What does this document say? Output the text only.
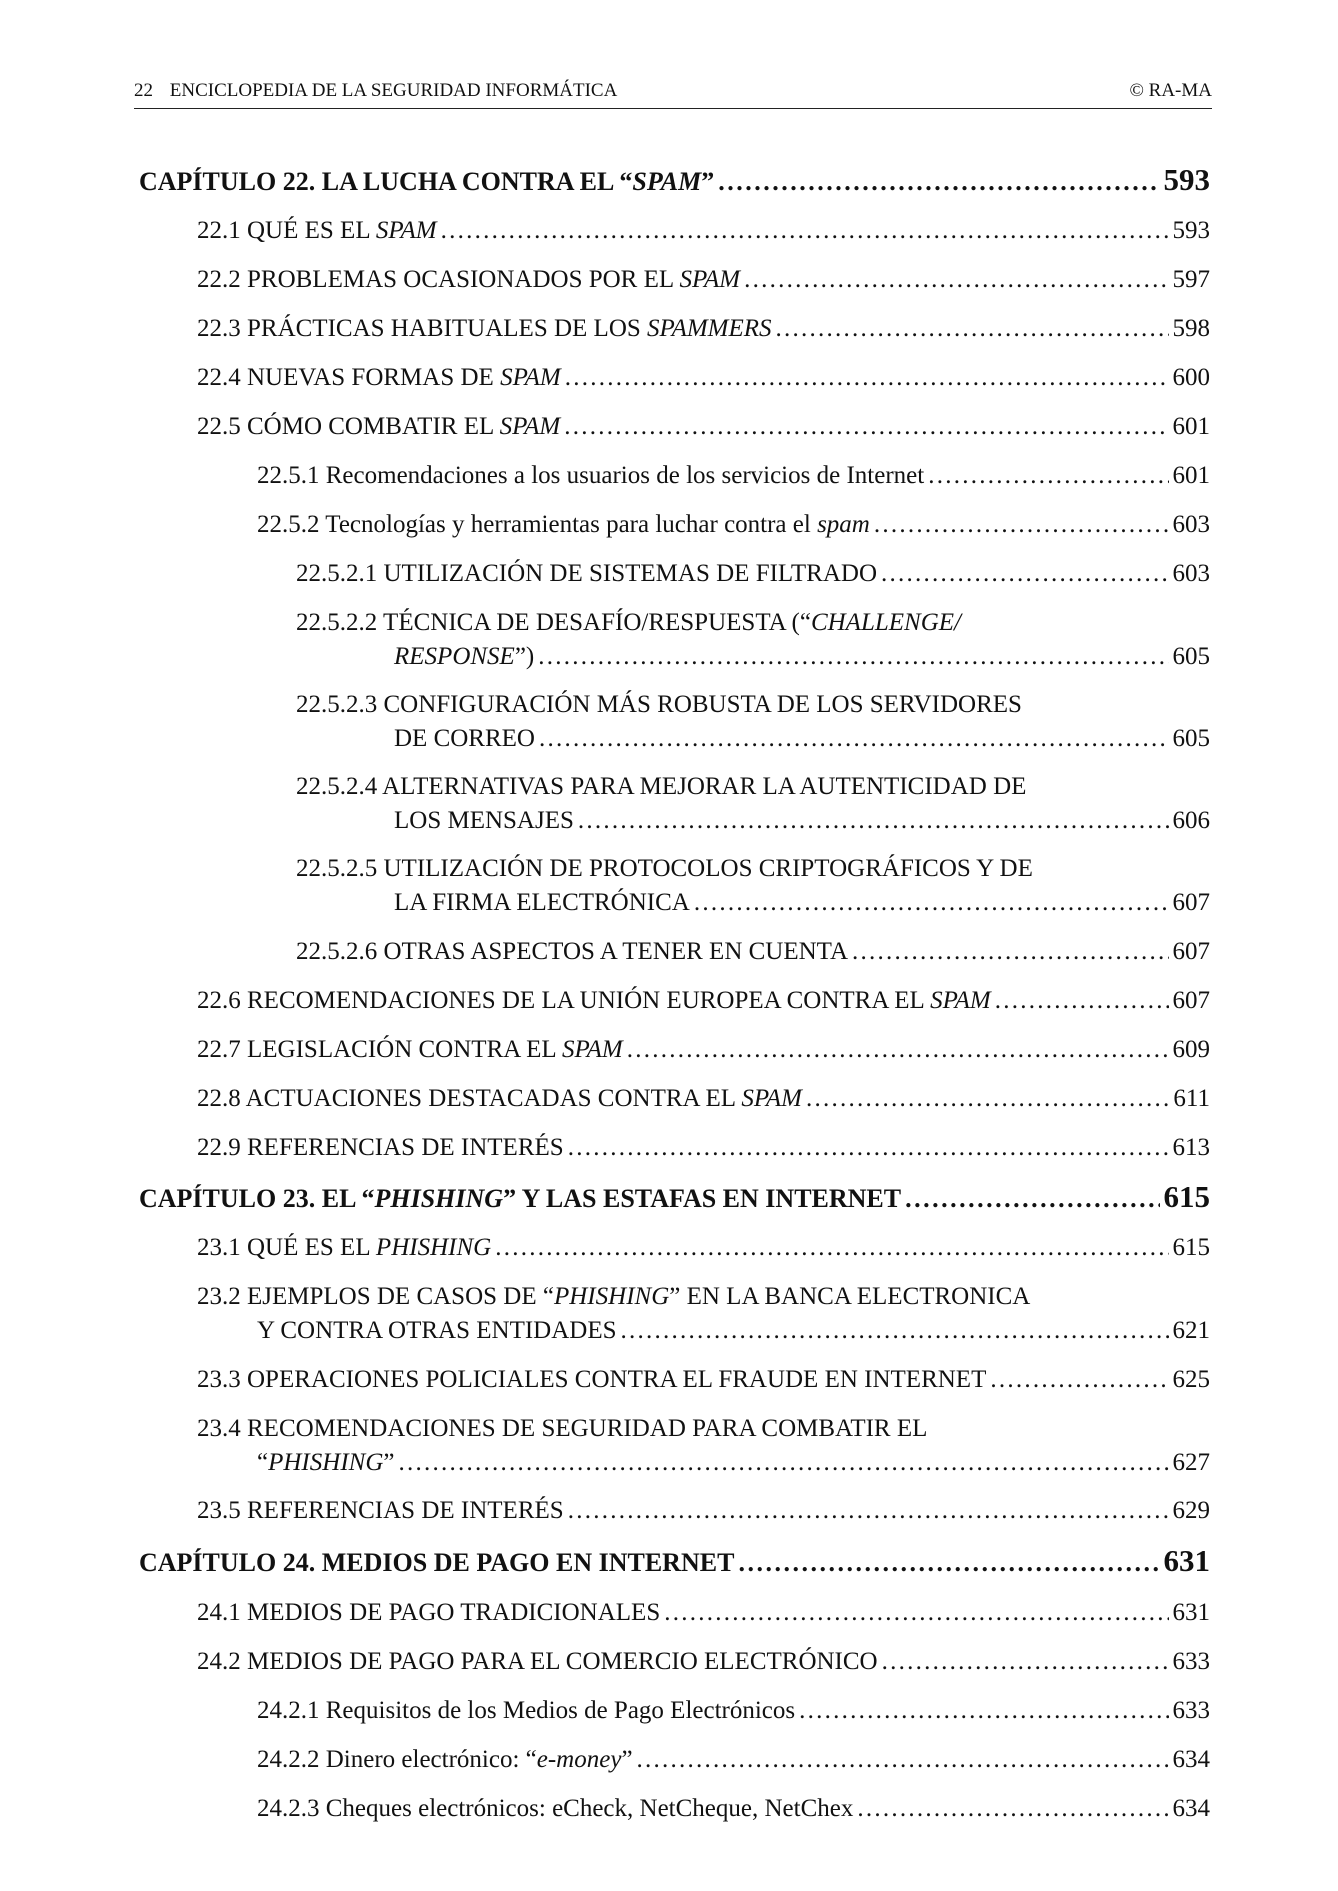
22 ENCICLOPEDIA DE LA SEGURIDAD INFORMÁTICA	© RA-MA
CAPÍTULO 22. LA LUCHA CONTRA EL “SPAM” . . .	593
22.1 QUÉ ES EL SPAM . . .	593
22.2 PROBLEMAS OCASIONADOS POR EL SPAM . . .	597
22.3 PRÁCTICAS HABITUALES DE LOS SPAMMERS . . .	598
22.4 NUEVAS FORMAS DE SPAM . . .	600
22.5 CÓMO COMBATIR EL SPAM . . .	601
22.5.1 Recomendaciones a los usuarios de los servicios de Internet . . .	601
22.5.2 Tecnologías y herramientas para luchar contra el spam . . .	603
22.5.2.1 UTILIZACIÓN DE SISTEMAS DE FILTRADO . . .	603
22.5.2.2 TÉCNICA DE DESAFÍO/RESPUESTA (“CHALLENGE/
RESPONSE”) . . .	605
22.5.2.3 CONFIGURACIÓN MÁS ROBUSTA DE LOS SERVIDORES
DE CORREO . . .	605
22.5.2.4 ALTERNATIVAS PARA MEJORAR LA AUTENTICIDAD DE
LOS MENSAJES . . .	606
22.5.2.5 UTILIZACIÓN DE PROTOCOLOS CRIPTOGRÁFICOS Y DE
LA FIRMA ELECTRÓNICA . . .	607
22.5.2.6 OTRAS ASPECTOS A TENER EN CUENTA . . .	607
22.6 RECOMENDACIONES DE LA UNIÓN EUROPEA CONTRA EL SPAM . . .	607
22.7 LEGISLACIÓN CONTRA EL SPAM . . .	609
22.8 ACTUACIONES DESTACADAS CONTRA EL SPAM . . .	611
22.9 REFERENCIAS DE INTERÉS . . .	613
CAPÍTULO 23. EL “PHISHING” Y LAS ESTAFAS EN INTERNET . . .	615
23.1 QUÉ ES EL PHISHING . . .	615
23.2 EJEMPLOS DE CASOS DE “PHISHING” EN LA BANCA ELECTRONICA
Y CONTRA OTRAS ENTIDADES . . .	621
23.3 OPERACIONES POLICIALES CONTRA EL FRAUDE EN INTERNET . . .	625
23.4 RECOMENDACIONES DE SEGURIDAD PARA COMBATIR EL
“PHISHING” . . .	627
23.5 REFERENCIAS DE INTERÉS . . .	629
CAPÍTULO 24. MEDIOS DE PAGO EN INTERNET . . .	631
24.1 MEDIOS DE PAGO TRADICIONALES . . .	631
24.2 MEDIOS DE PAGO PARA EL COMERCIO ELECTRÓNICO . . .	633
24.2.1 Requisitos de los Medios de Pago Electrónicos . . .	633
24.2.2 Dinero electrónico: “e-money” . . .	634
24.2.3 Cheques electrónicos: eCheck, NetCheque, NetChex . . .	634
